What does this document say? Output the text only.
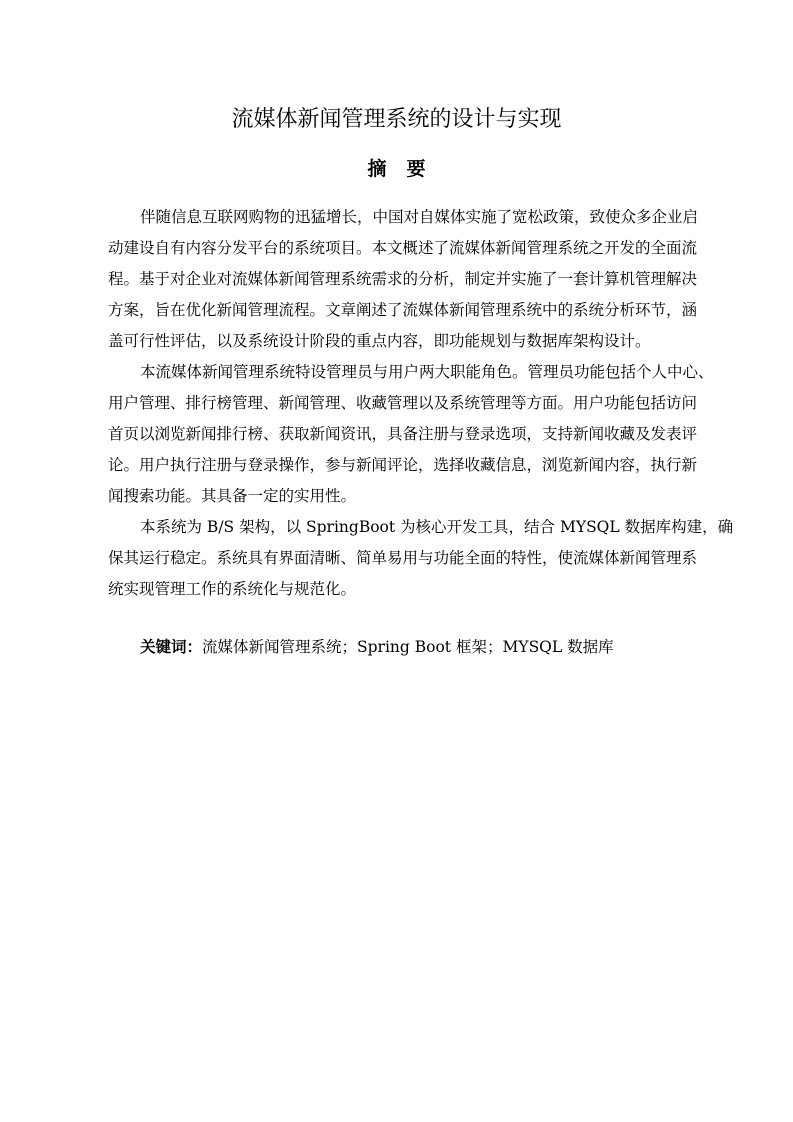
流媒体新闻管理系统的设计与实现
摘要
伴随信息互联网购物的迅猛增长，中国对自媒体实施了宽松政策，致使众多企业启
动建设自有内容分发平台的系统项目。本文概述了流媒体新闻管理系统之开发的全面流
程。基于对企业对流媒体新闻管理系统需求的分析，制定并实施了一套计算机管理解决
方案，旨在优化新闻管理流程。文章阐述了流媒体新闻管理系统中的系统分析环节，涵
盖可行性评估，以及系统设计阶段的重点内容，即功能规划与数据库架构设计。
本流媒体新闻管理系统特设管理员与用户两大职能角色。管理员功能包括个人中心、
用户管理、排行榜管理、新闻管理、收藏管理以及系统管理等方面。用户功能包括访问
首页以浏览新闻排行榜、获取新闻资讯，具备注册与登录选项，支持新闻收藏及发表评
论。用户执行注册与登录操作，参与新闻评论，选择收藏信息，浏览新闻内容，执行新
闻搜索功能。其具备一定的实用性。
本系统为 B/S 架构，以 SpringBoot 为核心开发工具，结合 MYSQL 数据库构建，确
保其运行稳定。系统具有界面清晰、简单易用与功能全面的特性，使流媒体新闻管理系
统实现管理工作的系统化与规范化。
关键词：流媒体新闻管理系统；Spring Boot 框架；MYSQL 数据库
